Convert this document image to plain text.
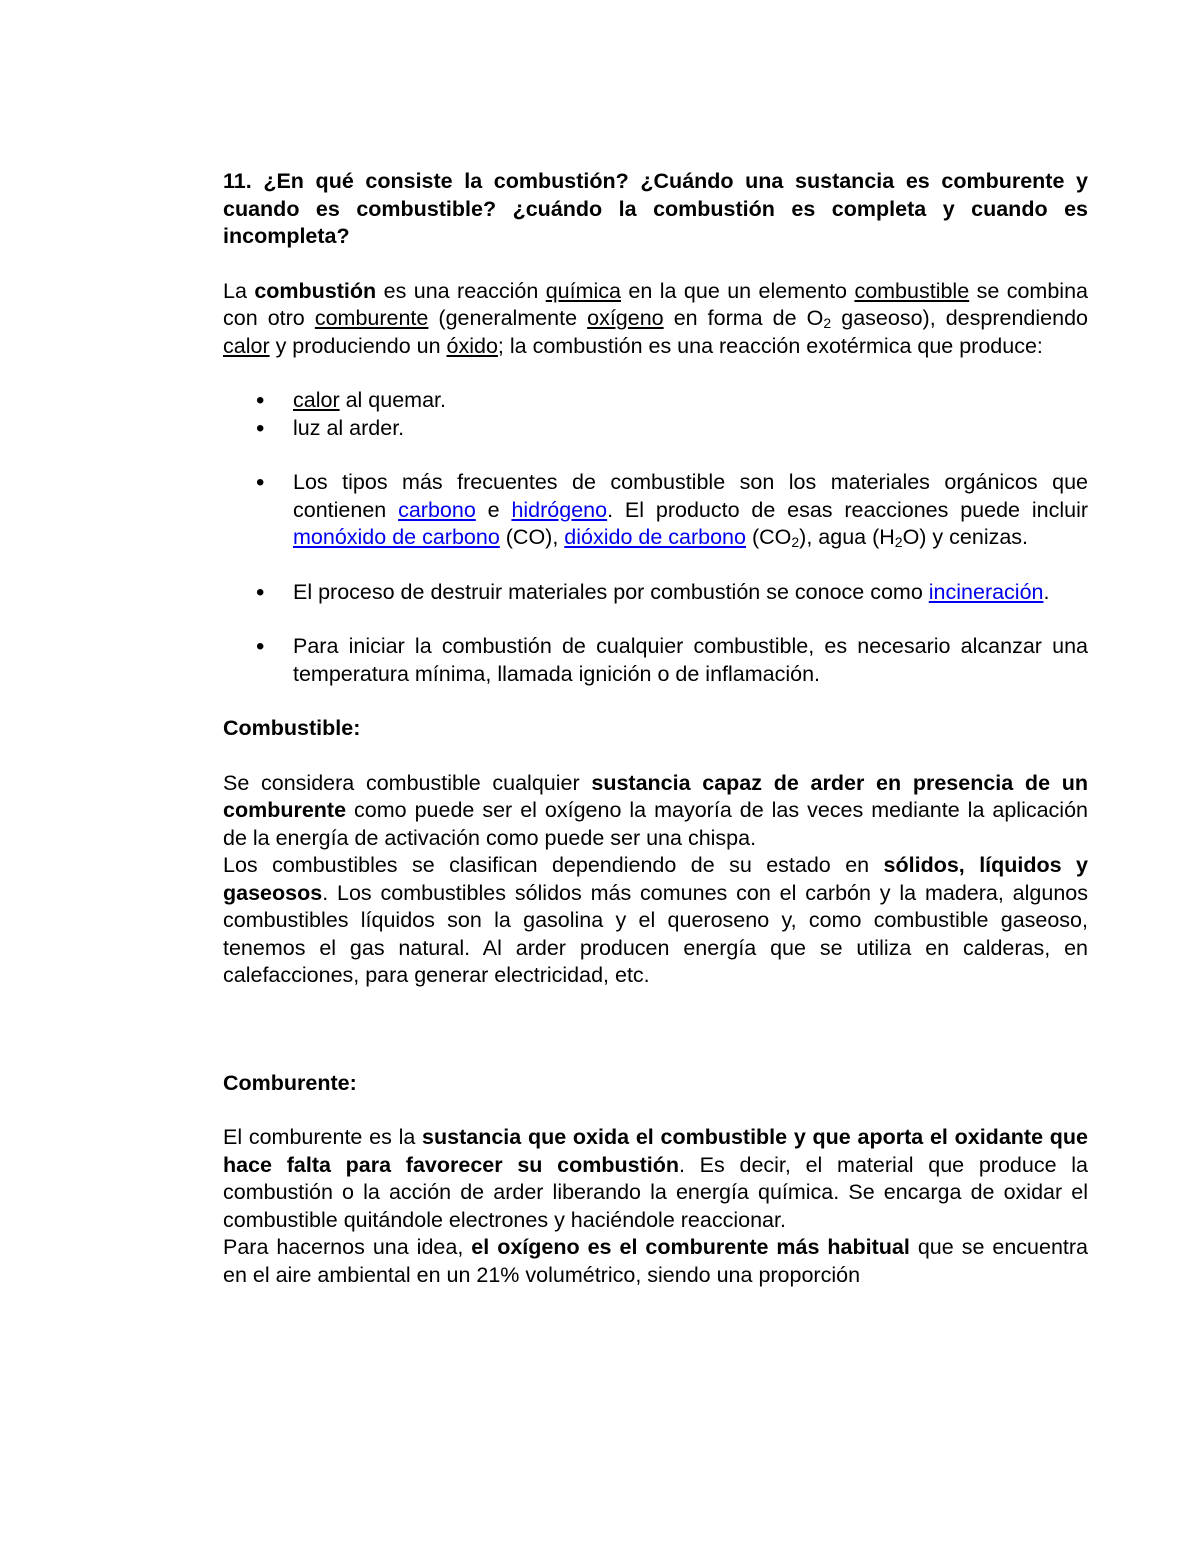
11. ¿En qué consiste la combustión? ¿Cuándo una sustancia es comburente y cuando es combustible? ¿cuándo la combustión es completa y cuando es incompleta?

La combustión es una reacción química en la que un elemento combustible se combina con otro comburente (generalmente oxígeno en forma de $O_2$ gaseoso), desprendiendo calor y produciendo un óxido; la combustión es una reacción exotérmica que produce:

• calor al quemar.
• luz al arder.
• Los tipos más frecuentes de combustible son los materiales orgánicos que contienen carbono e hidrógeno. El producto de esas reacciones puede incluir monóxido de carbono (CO), dióxido de carbono $(CO_2)$, agua $(H_2O)$ y cenizas.
• El proceso de destruir materiales por combustión se conoce como incineración.
• Para iniciar la combustión de cualquier combustible, es necesario alcanzar una temperatura mínima, llamada ignición o de inflamación.

Combustible:

Se considera combustible cualquier sustancia capaz de arder en presencia de un comburente como puede ser el oxígeno la mayoría de las veces mediante la aplicación de la energía de activación como puede ser una chispa.

Los combustibles se clasifican dependiendo de su estado en sólidos, líquidos y gaseosos. Los combustibles sólidos más comunes con el carbón y la madera, algunos combustibles líquidos son la gasolina y el queroseno y, como combustible gaseoso, tenemos el gas natural. Al arder producen energía que se utiliza en calderas, en calefacciones, para generar electricidad, etc.

Comburente:

El comburente es la sustancia que oxida el combustible y que aporta el oxidante que hace falta para favorecer su combustión. Es decir, el material que produce la combustión o la acción de arder liberando la energía química. Se encarga de oxidar el combustible quitándole electrones y haciéndole reaccionar.

Para hacernos una idea, el oxígeno es el comburente más habitual que se encuentra en el aire ambiental en un 21% volumétrico, siendo una proporción
